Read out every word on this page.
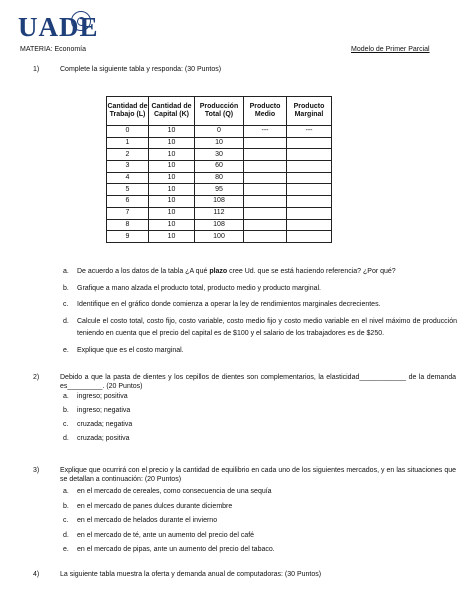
UADE
MATERIA: Economía	Modelo de Primer Parcial
1)	Complete la siguiente tabla y responda: (30 Puntos)
Cantidad de Trabajo (L)	Cantidad de Capital (K)	Producción Total (Q)	Producto Medio	Producto Marginal
0	10	0	---	---
1	10	10		
2	10	30		
3	10	60		
4	10	80		
5	10	95		
6	10	108		
7	10	112		
8	10	108		
9	10	100		
a. De acuerdo a los datos de la tabla ¿A qué plazo cree Ud. que se está haciendo referencia? ¿Por qué?
b. Grafique a mano alzada el producto total, producto medio y producto marginal.
c. Identifique en el gráfico donde comienza a operar la ley de rendimientos marginales decrecientes.
d. Calcule el costo total, costo fijo, costo variable, costo medio fijo y costo medio variable en el nivel máximo de producción teniendo en cuenta que el precio del capital es de $100 y el salario de los trabajadores es de $250.
e. Explique que es el costo marginal.
2)	Debido a que la pasta de dientes y los cepillos de dientes son complementarios, la elasticidad____________ de la demanda es_________. (20 Puntos)
a. ingreso; positiva
b. ingreso; negativa
c. cruzada; negativa
d. cruzada; positiva
3)	Explique que ocurrirá con el precio y la cantidad de equilibrio en cada uno de los siguientes mercados, y en las situaciones que se detallan a continuación: (20 Puntos)
a. en el mercado de cereales, como consecuencia de una sequía
b. en el mercado de panes dulces durante diciembre
c. en el mercado de helados durante el invierno
d. en el mercado de té, ante un aumento del precio del café
e. en el mercado de pipas, ante un aumento del precio del tabaco.
4)	La siguiente tabla muestra la oferta y demanda anual de computadoras: (30 Puntos)
